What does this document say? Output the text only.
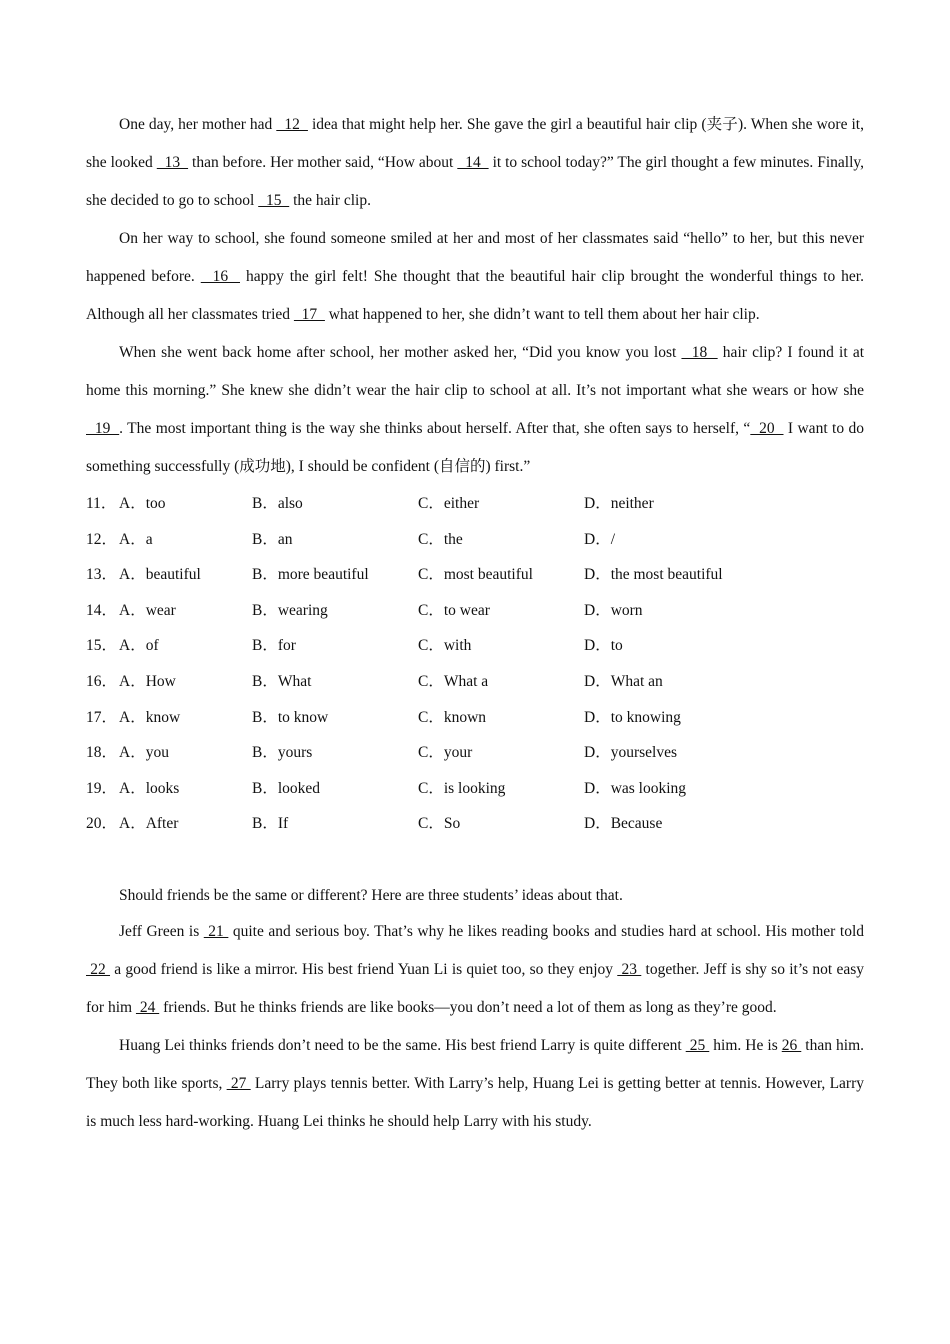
One day, her mother had   12   idea that might help her. She gave the girl a beautiful hair clip (夹子). When she wore it, she looked   13   than before. Her mother said, “How about   14   it to school today?” The girl thought a few minutes. Finally, she decided to go to school   15   the hair clip.

On her way to school, she found someone smiled at her and most of her classmates said “hello” to her, but this never happened before.   16   happy the girl felt! She thought that the beautiful hair clip brought the wonderful things to her. Although all her classmates tried   17   what happened to her, she didn’t want to tell them about her hair clip.

When she went back home after school, her mother asked her, “Did you know you lost   18   hair clip? I found it at home this morning.” She knew she didn’t wear the hair clip to school at all. It’s not important what she wears or how she   19  . The most important thing is the way she thinks about herself. After that, she often says to herself, “  20   I want to do something successfully (成功地), I should be confident (自信的) first.”

11． A．too	B．also	C．either	D．neither
12． A．a	B．an	C．the	D．/
13． A．beautiful	B．more beautiful	C．most beautiful	D．the most beautiful
14． A．wear	B．wearing	C．to wear	D．worn
15． A．of	B．for	C．with	D．to
16． A．How	B．What	C．What a	D．What an
17． A．know	B．to know	C．known	D．to knowing
18． A．you	B．yours	C．your	D．yourselves
19． A．looks	B．looked	C．is looking	D．was looking
20． A．After	B．If	C．So	D．Because

Should friends be the same or different? Here are three students’ ideas about that.

Jeff Green is  21  quite and serious boy. That’s why he likes reading books and studies hard at school. His mother told  22  a good friend is like a mirror. His best friend Yuan Li is quiet too, so they enjoy  23  together. Jeff is shy so it’s not easy for him  24  friends. But he thinks friends are like books—you don’t need a lot of them as long as they’re good.

Huang Lei thinks friends don’t need to be the same. His best friend Larry is quite different  25  him. He is 26  than him. They both like sports,  27  Larry plays tennis better. With Larry’s help, Huang Lei is getting better at tennis. However, Larry is much less hard-working. Huang Lei thinks he should help Larry with his study.
